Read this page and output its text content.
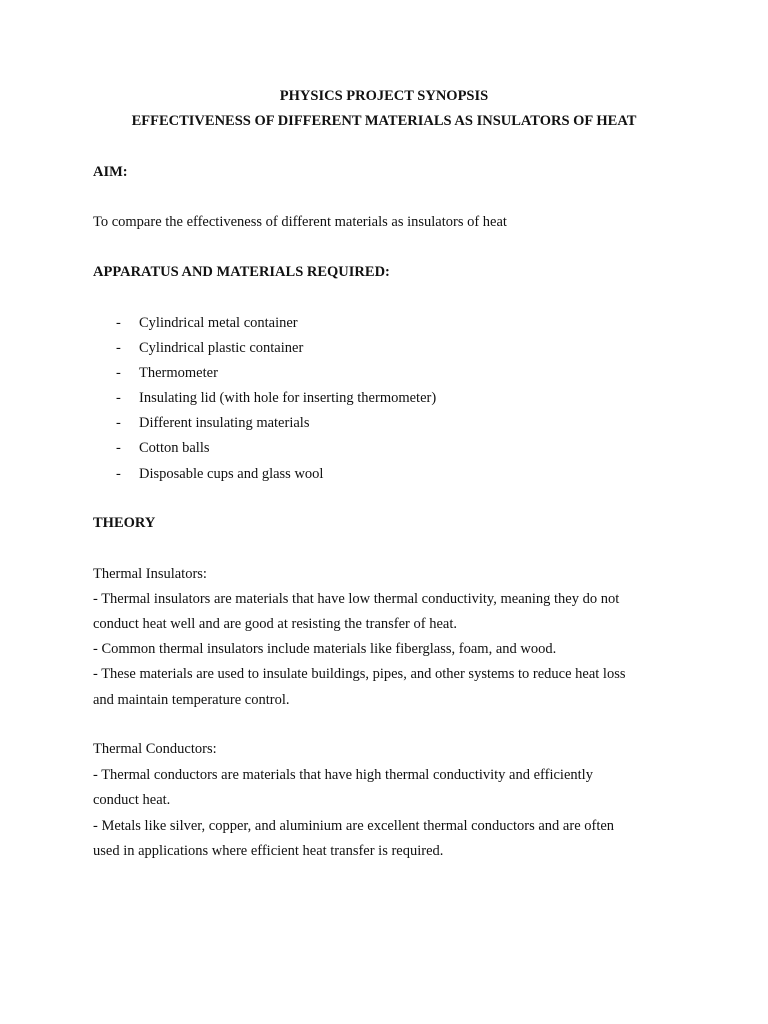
PHYSICS PROJECT SYNOPSIS
EFFECTIVENESS OF DIFFERENT MATERIALS AS INSULATORS OF HEAT
AIM:
To compare the effectiveness of different materials as insulators of heat
APPARATUS AND MATERIALS REQUIRED:
- Cylindrical metal container
- Cylindrical plastic container
- Thermometer
- Insulating lid (with hole for inserting thermometer)
- Different insulating materials
- Cotton balls
- Disposable cups and glass wool
THEORY
Thermal Insulators:
- Thermal insulators are materials that have low thermal conductivity, meaning they do not
conduct heat well and are good at resisting the transfer of heat.
- Common thermal insulators include materials like fiberglass, foam, and wood.
- These materials are used to insulate buildings, pipes, and other systems to reduce heat loss
and maintain temperature control.
Thermal Conductors:
- Thermal conductors are materials that have high thermal conductivity and efficiently
conduct heat.
- Metals like silver, copper, and aluminium are excellent thermal conductors and are often
used in applications where efficient heat transfer is required.
